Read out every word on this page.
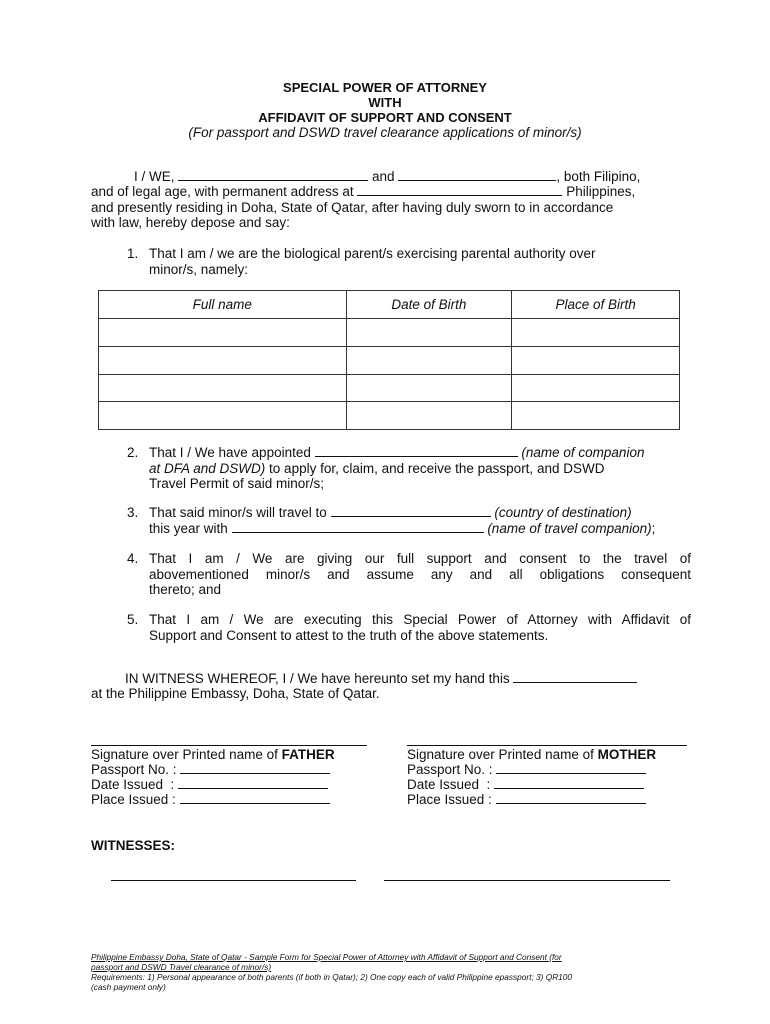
SPECIAL POWER OF ATTORNEY
WITH
AFFIDAVIT OF SUPPORT AND CONSENT
(For passport and DSWD travel clearance applications of minor/s)
I / WE,	and	, both Filipino,
and of legal age, with permanent address at	Philippines,
and presently residing in Doha, State of Qatar, after having duly sworn to in accordance
with law, hereby depose and say:
1. That I am / we are the biological parent/s exercising parental authority over
minor/s, namely:
Full name	Date of Birth	Place of Birth

2. That I / We have appointed	(name of companion
at DFA and DSWD) to apply for, claim, and receive the passport, and DSWD
Travel Permit of said minor/s;
3. That said minor/s will travel to	(country of destination)
this year with	(name of travel companion);
4. That I am / We are giving our full support and consent to the travel of
abovementioned minor/s and assume any and all obligations consequent
thereto; and
5. That I am / We are executing this Special Power of Attorney with Affidavit of
Support and Consent to attest to the truth of the above statements.
IN WITNESS WHEREOF, I / We have hereunto set my hand this
at the Philippine Embassy, Doha, State of Qatar.
Signature over Printed name of FATHER
Passport No. :
Date Issued  :
Place Issued :
Signature over Printed name of MOTHER
Passport No. :
Date Issued  :
Place Issued :
WITNESSES:
Philippine Embassy Doha, State of Qatar - Sample Form for Special Power of Attorney with Affidavit of Support and Consent (for
passport and DSWD Travel clearance of minor/s)
Requirements: 1) Personal appearance of both parents (if both in Qatar); 2) One copy each of valid Philippine epassport; 3) QR100
(cash payment only)
